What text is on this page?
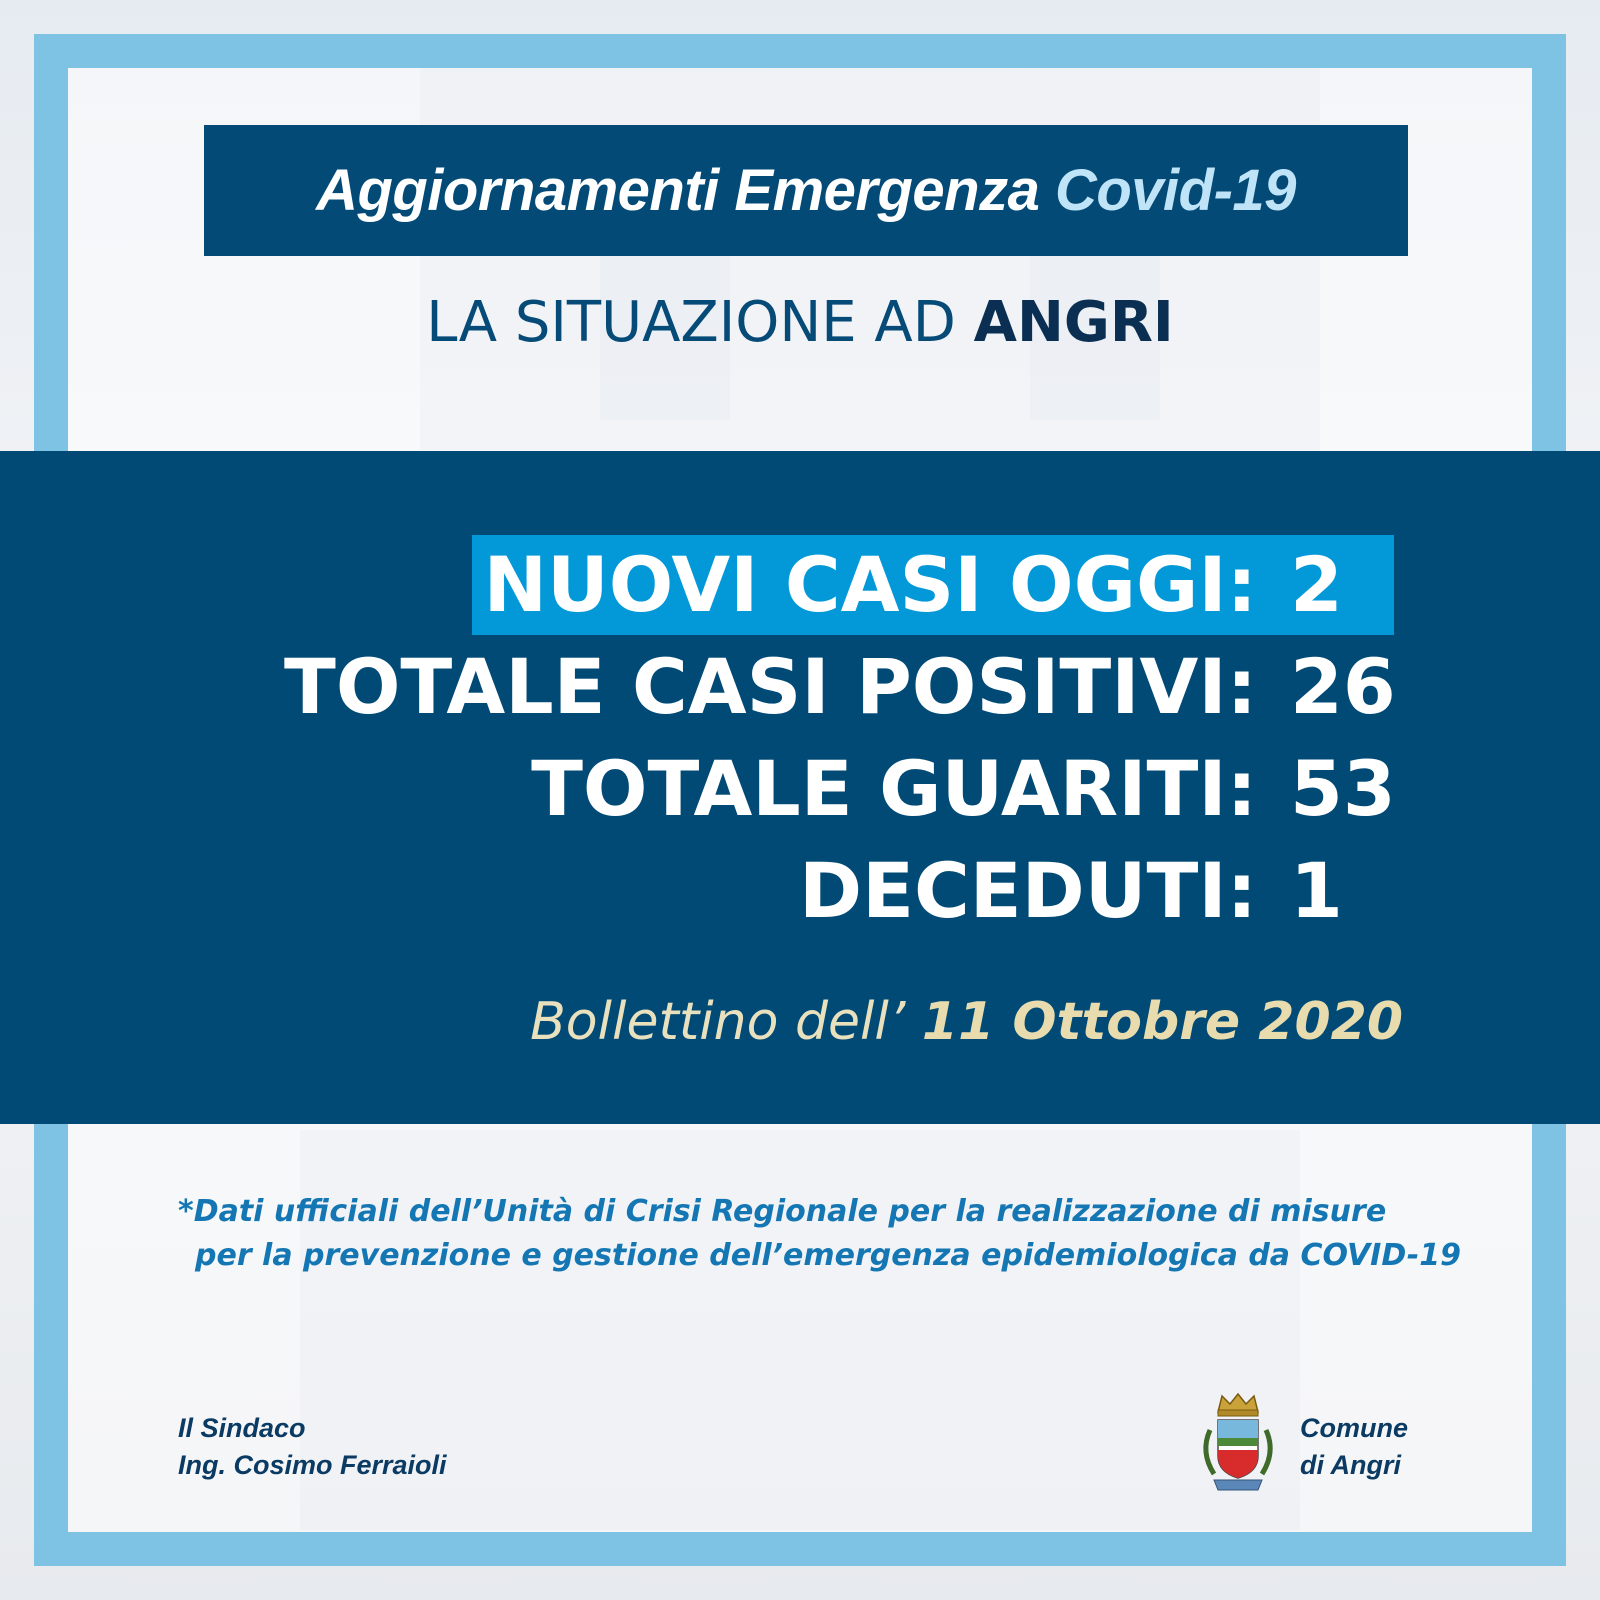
Aggiornamenti Emergenza Covid-19
LA SITUAZIONE AD ANGRI
NUOVI CASI OGGI: 2
TOTALE CASI POSITIVI: 26
TOTALE GUARITI: 53
DECEDUTI: 1
Bollettino dell’ 11 Ottobre 2020
*Dati ufficiali dell’Unità di Crisi Regionale per la realizzazione di misure
per la prevenzione e gestione dell’emergenza epidemiologica da COVID-19
Il Sindaco
Ing. Cosimo Ferraioli
Comune
di Angri
